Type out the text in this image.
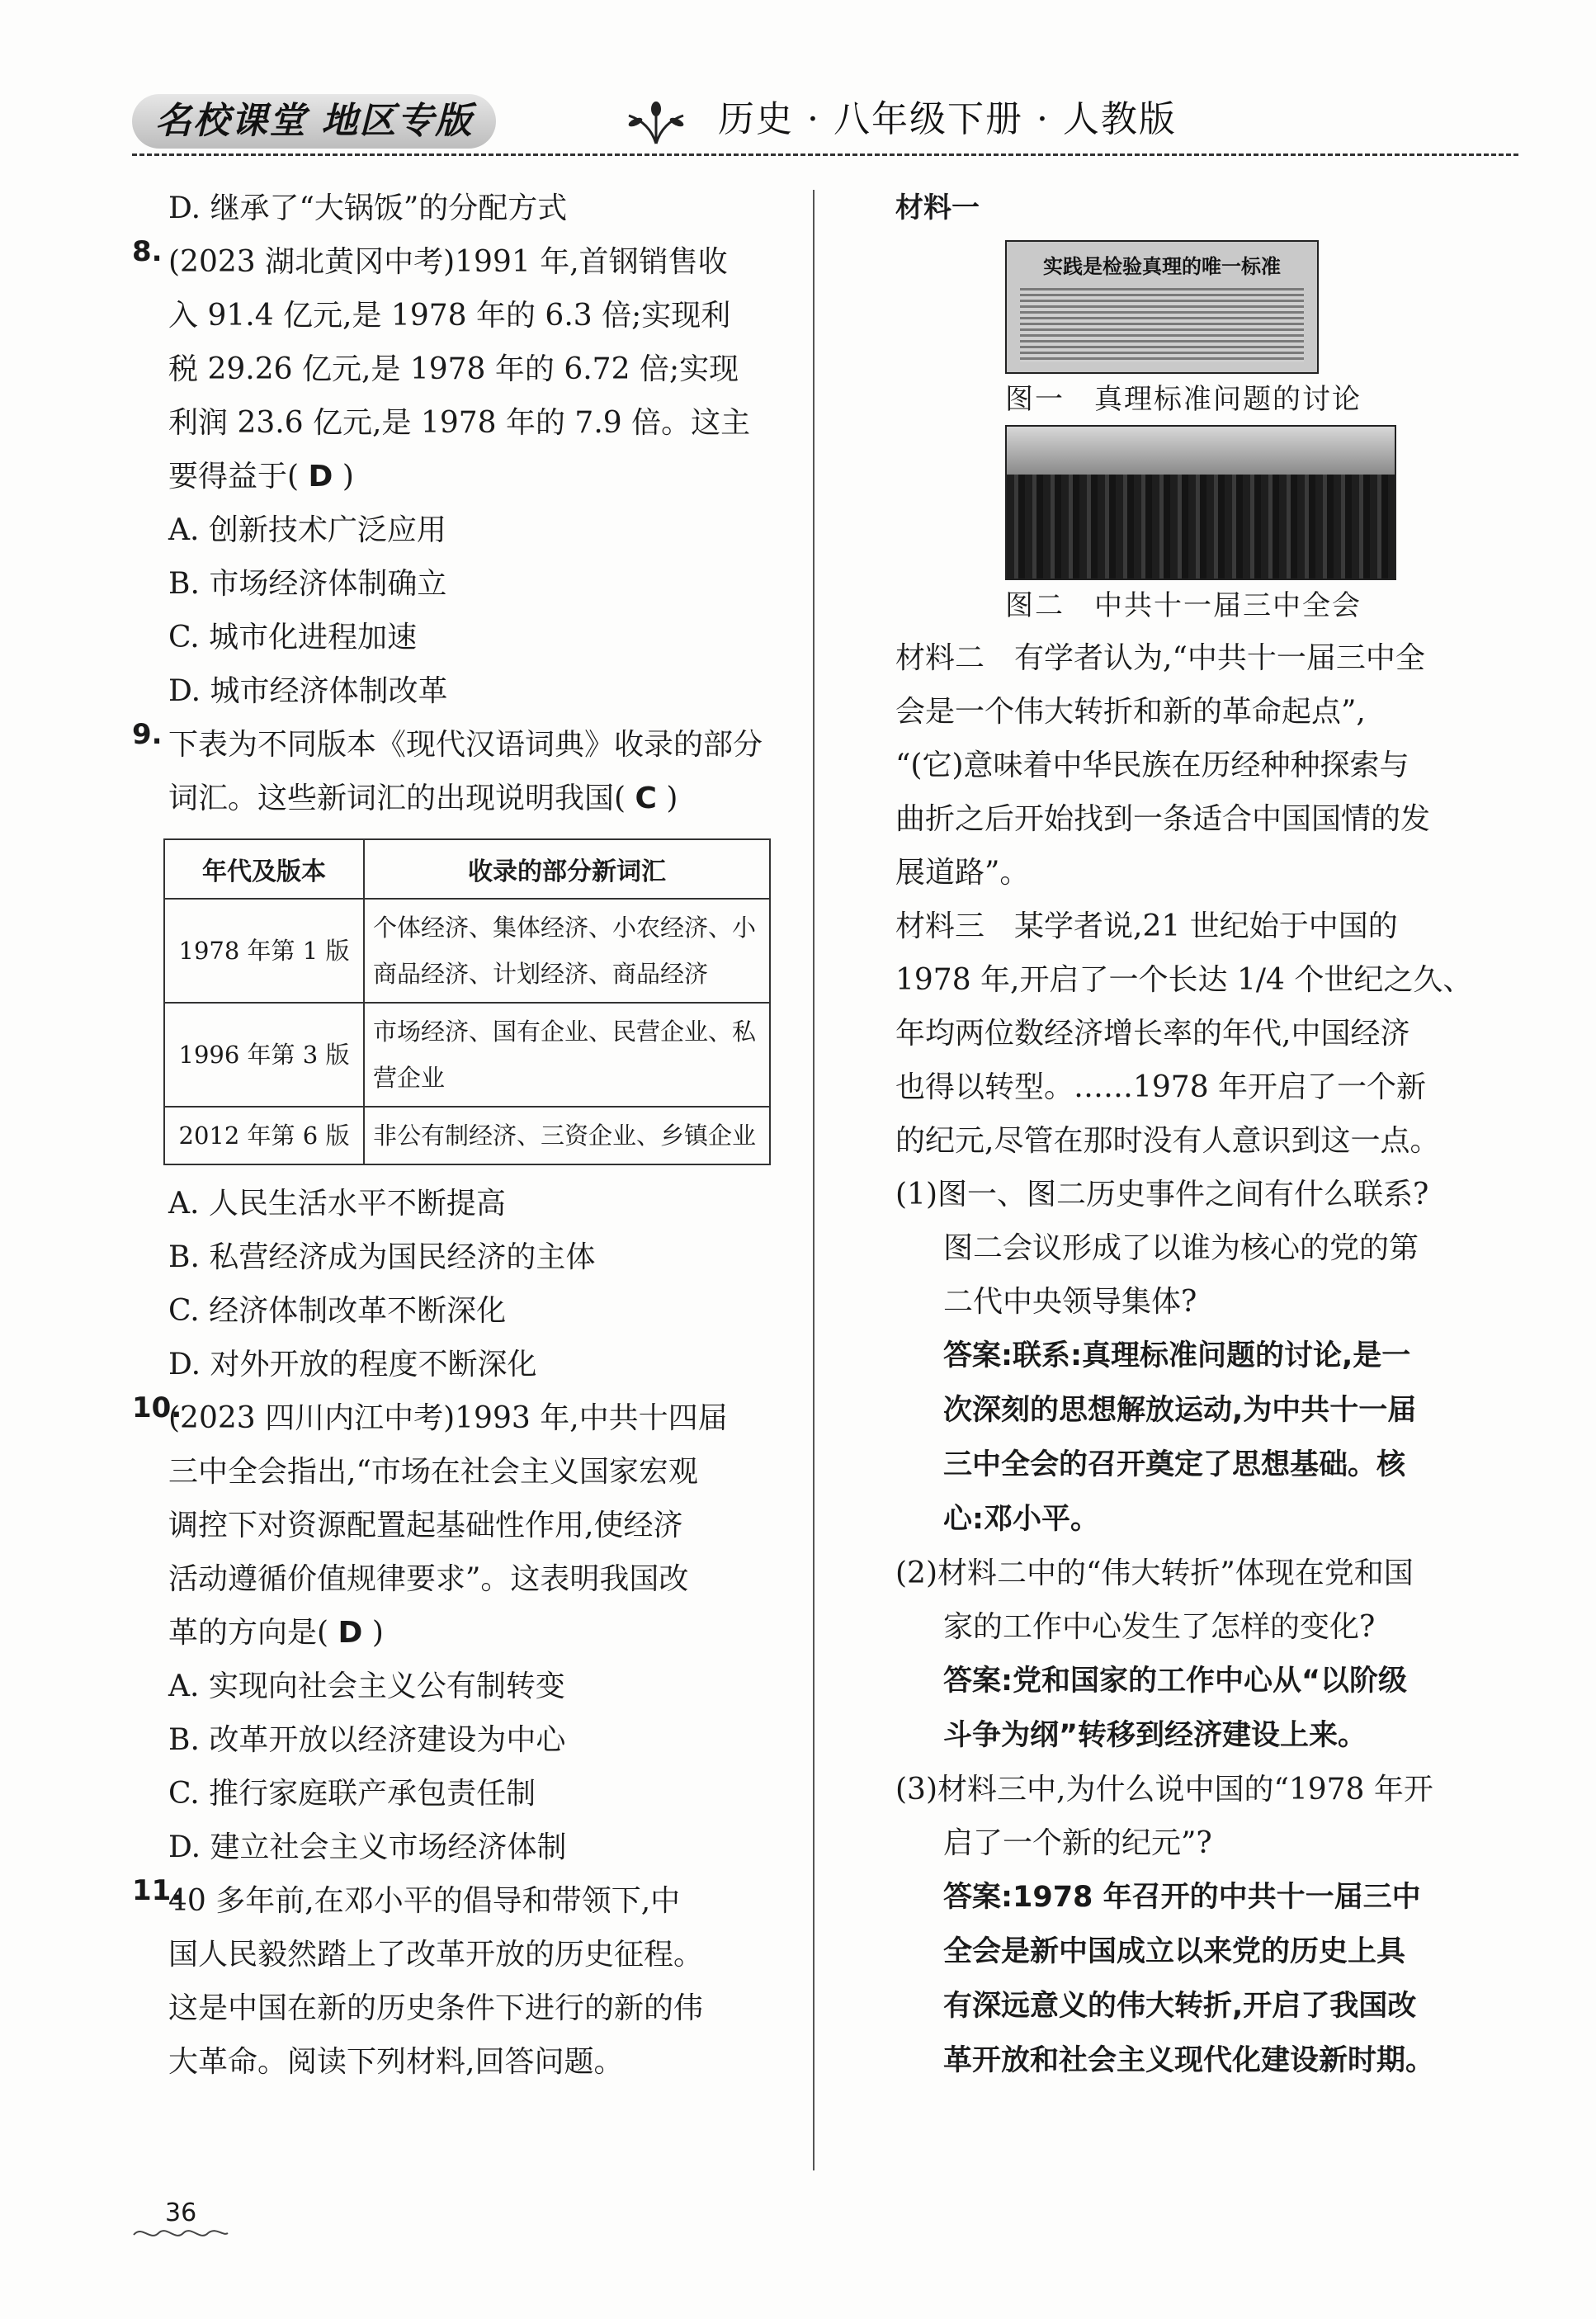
名校课堂 地区专版	历史 · 八年级下册 · 人教版
D. 继承了“大锅饭”的分配方式
8. (2023 湖北黄冈中考)1991 年,首钢销售收
入 91.4 亿元,是 1978 年的 6.3 倍;实现利
税 29.26 亿元,是 1978 年的 6.72 倍;实现
利润 23.6 亿元,是 1978 年的 7.9 倍。这主
要得益于( D )
A. 创新技术广泛应用
B. 市场经济体制确立
C. 城市化进程加速
D. 城市经济体制改革
9. 下表为不同版本《现代汉语词典》收录的部分
词汇。这些新词汇的出现说明我国( C )
年代及版本	收录的部分新词汇
1978 年第 1 版	个体经济、集体经济、小农经济、小商品经济、计划经济、商品经济
1996 年第 3 版	市场经济、国有企业、民营企业、私营企业
2012 年第 6 版	非公有制经济、三资企业、乡镇企业
A. 人民生活水平不断提高
B. 私营经济成为国民经济的主体
C. 经济体制改革不断深化
D. 对外开放的程度不断深化
10.
(2023 四川内江中考)1993 年,中共十四届
三中全会指出,“市场在社会主义国家宏观
调控下对资源配置起基础性作用,使经济
活动遵循价值规律要求”。这表明我国改
革的方向是( D )
A. 实现向社会主义公有制转变
B. 改革开放以经济建设为中心
C. 推行家庭联产承包责任制
D. 建立社会主义市场经济体制
11.
40 多年前,在邓小平的倡导和带领下,中
国人民毅然踏上了改革开放的历史征程。
这是中国在新的历史条件下进行的新的伟
大革命。阅读下列材料,回答问题。
材料一
实践是检验真理的唯一标准
图一　真理标准问题的讨论
图二　中共十一届三中全会
材料二　有学者认为,“中共十一届三中全
会是一个伟大转折和新的革命起点”,
“(它)意味着中华民族在历经种种探索与
曲折之后开始找到一条适合中国国情的发
展道路”。
材料三　某学者说,21 世纪始于中国的
1978 年,开启了一个长达 1/4 个世纪之久、
年均两位数经济增长率的年代,中国经济
也得以转型。……1978 年开启了一个新
的纪元,尽管在那时没有人意识到这一点。
(1)图一、图二历史事件之间有什么联系?
图二会议形成了以谁为核心的党的第
二代中央领导集体?
答案:联系:真理标准问题的讨论,是一
次深刻的思想解放运动,为中共十一届
三中全会的召开奠定了思想基础。核
心:邓小平。
(2)材料二中的“伟大转折”体现在党和国
家的工作中心发生了怎样的变化?
答案:党和国家的工作中心从“以阶级
斗争为纲”转移到经济建设上来。
(3)材料三中,为什么说中国的“1978 年开
启了一个新的纪元”?
答案:1978 年召开的中共十一届三中
全会是新中国成立以来党的历史上具
有深远意义的伟大转折,开启了我国改
革开放和社会主义现代化建设新时期。
36
